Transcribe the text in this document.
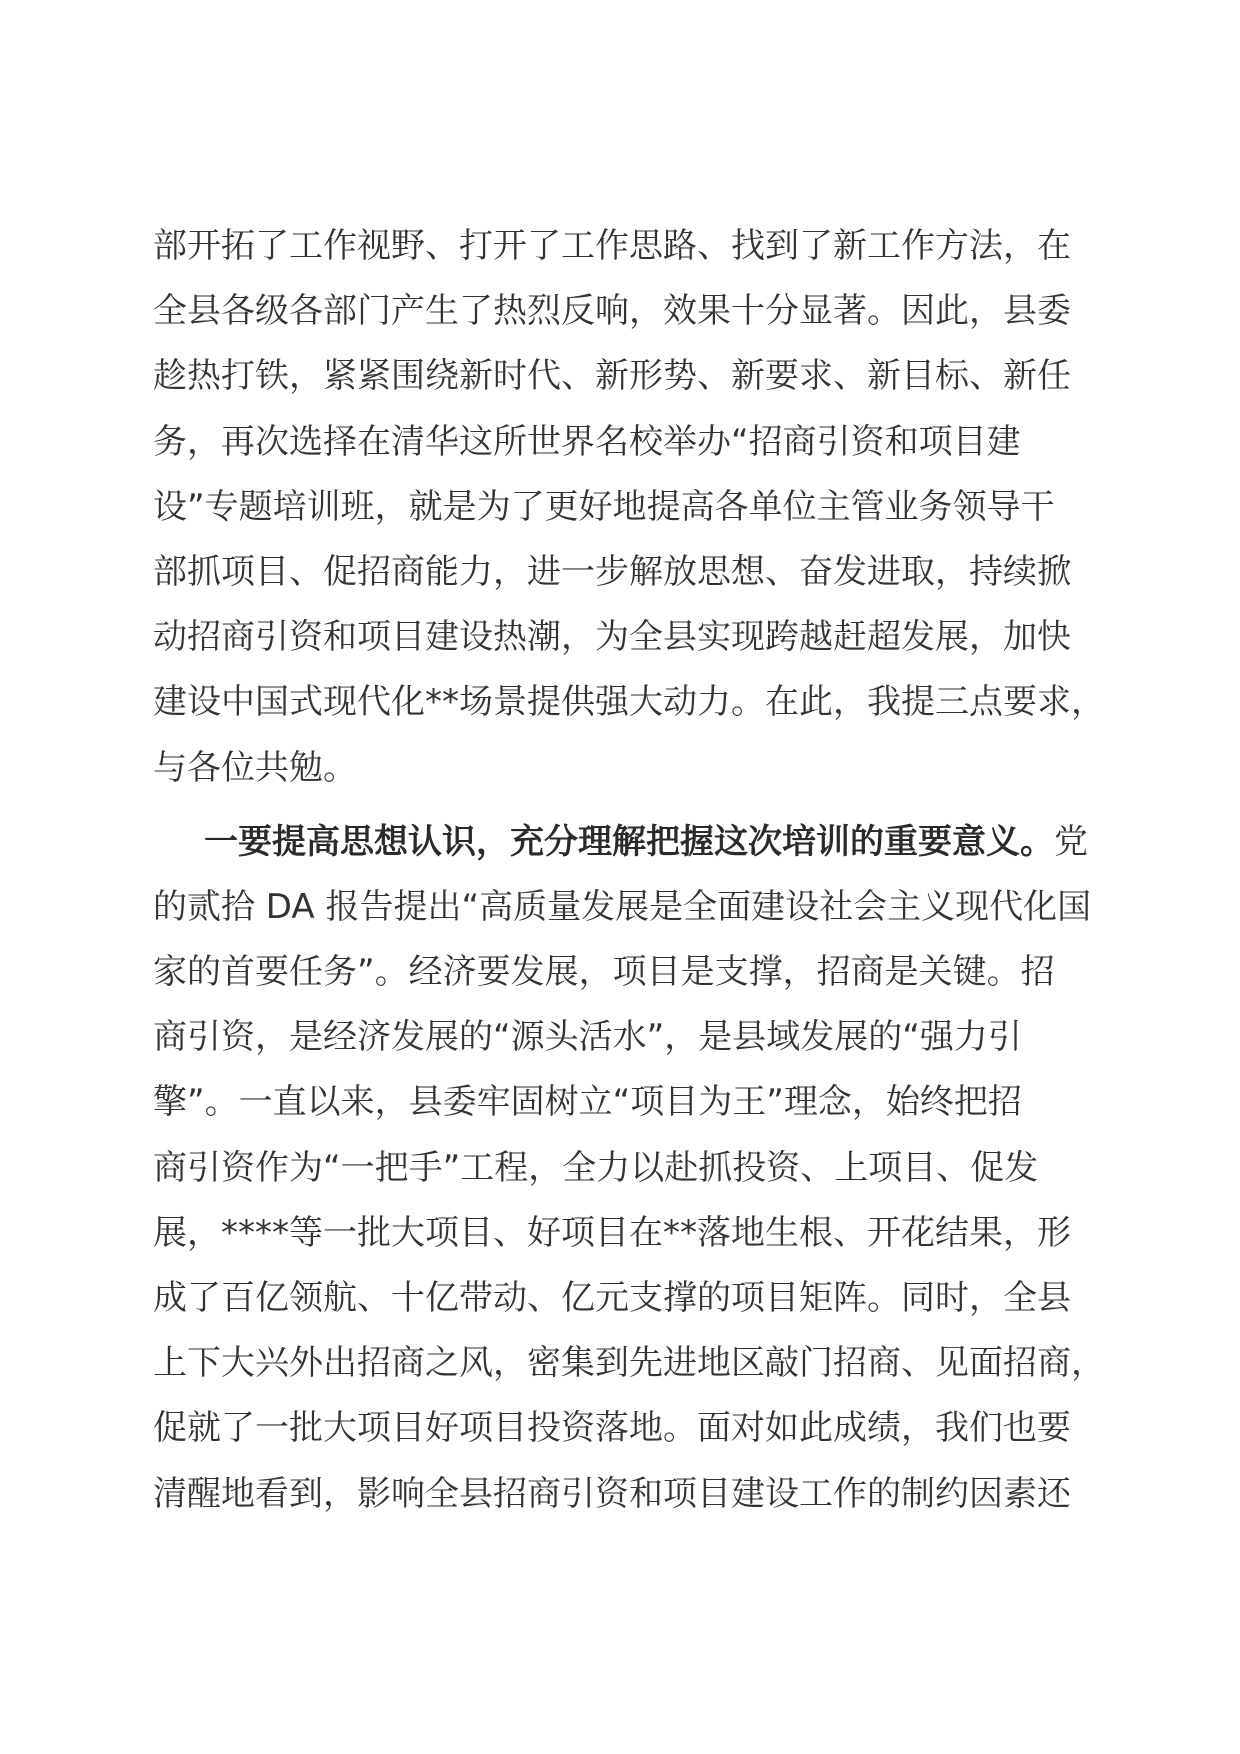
部开拓了工作视野、打开了工作思路、找到了新工作方法，在
全县各级各部门产生了热烈反响，效果十分显著。因此，县委
趁热打铁，紧紧围绕新时代、新形势、新要求、新目标、新任
务，再次选择在清华这所世界名校举办“招商引资和项目建
设”专题培训班，就是为了更好地提高各单位主管业务领导干
部抓项目、促招商能力，进一步解放思想、奋发进取，持续掀
动招商引资和项目建设热潮，为全县实现跨越赶超发展，加快
建设中国式现代化**场景提供强大动力。在此，我提三点要求，
与各位共勉。
一要提高思想认识，充分理解把握这次培训的重要意义。党
的贰拾 DA 报告提出“高质量发展是全面建设社会主义现代化国
家的首要任务”。经济要发展，项目是支撑，招商是关键。招
商引资，是经济发展的“源头活水”，是县域发展的“强力引
擎”。一直以来，县委牢固树立“项目为王”理念，始终把招
商引资作为“一把手”工程，全力以赴抓投资、上项目、促发
展，****等一批大项目、好项目在**落地生根、开花结果，形
成了百亿领航、十亿带动、亿元支撑的项目矩阵。同时，全县
上下大兴外出招商之风，密集到先进地区敲门招商、见面招商，
促就了一批大项目好项目投资落地。面对如此成绩，我们也要
清醒地看到，影响全县招商引资和项目建设工作的制约因素还
